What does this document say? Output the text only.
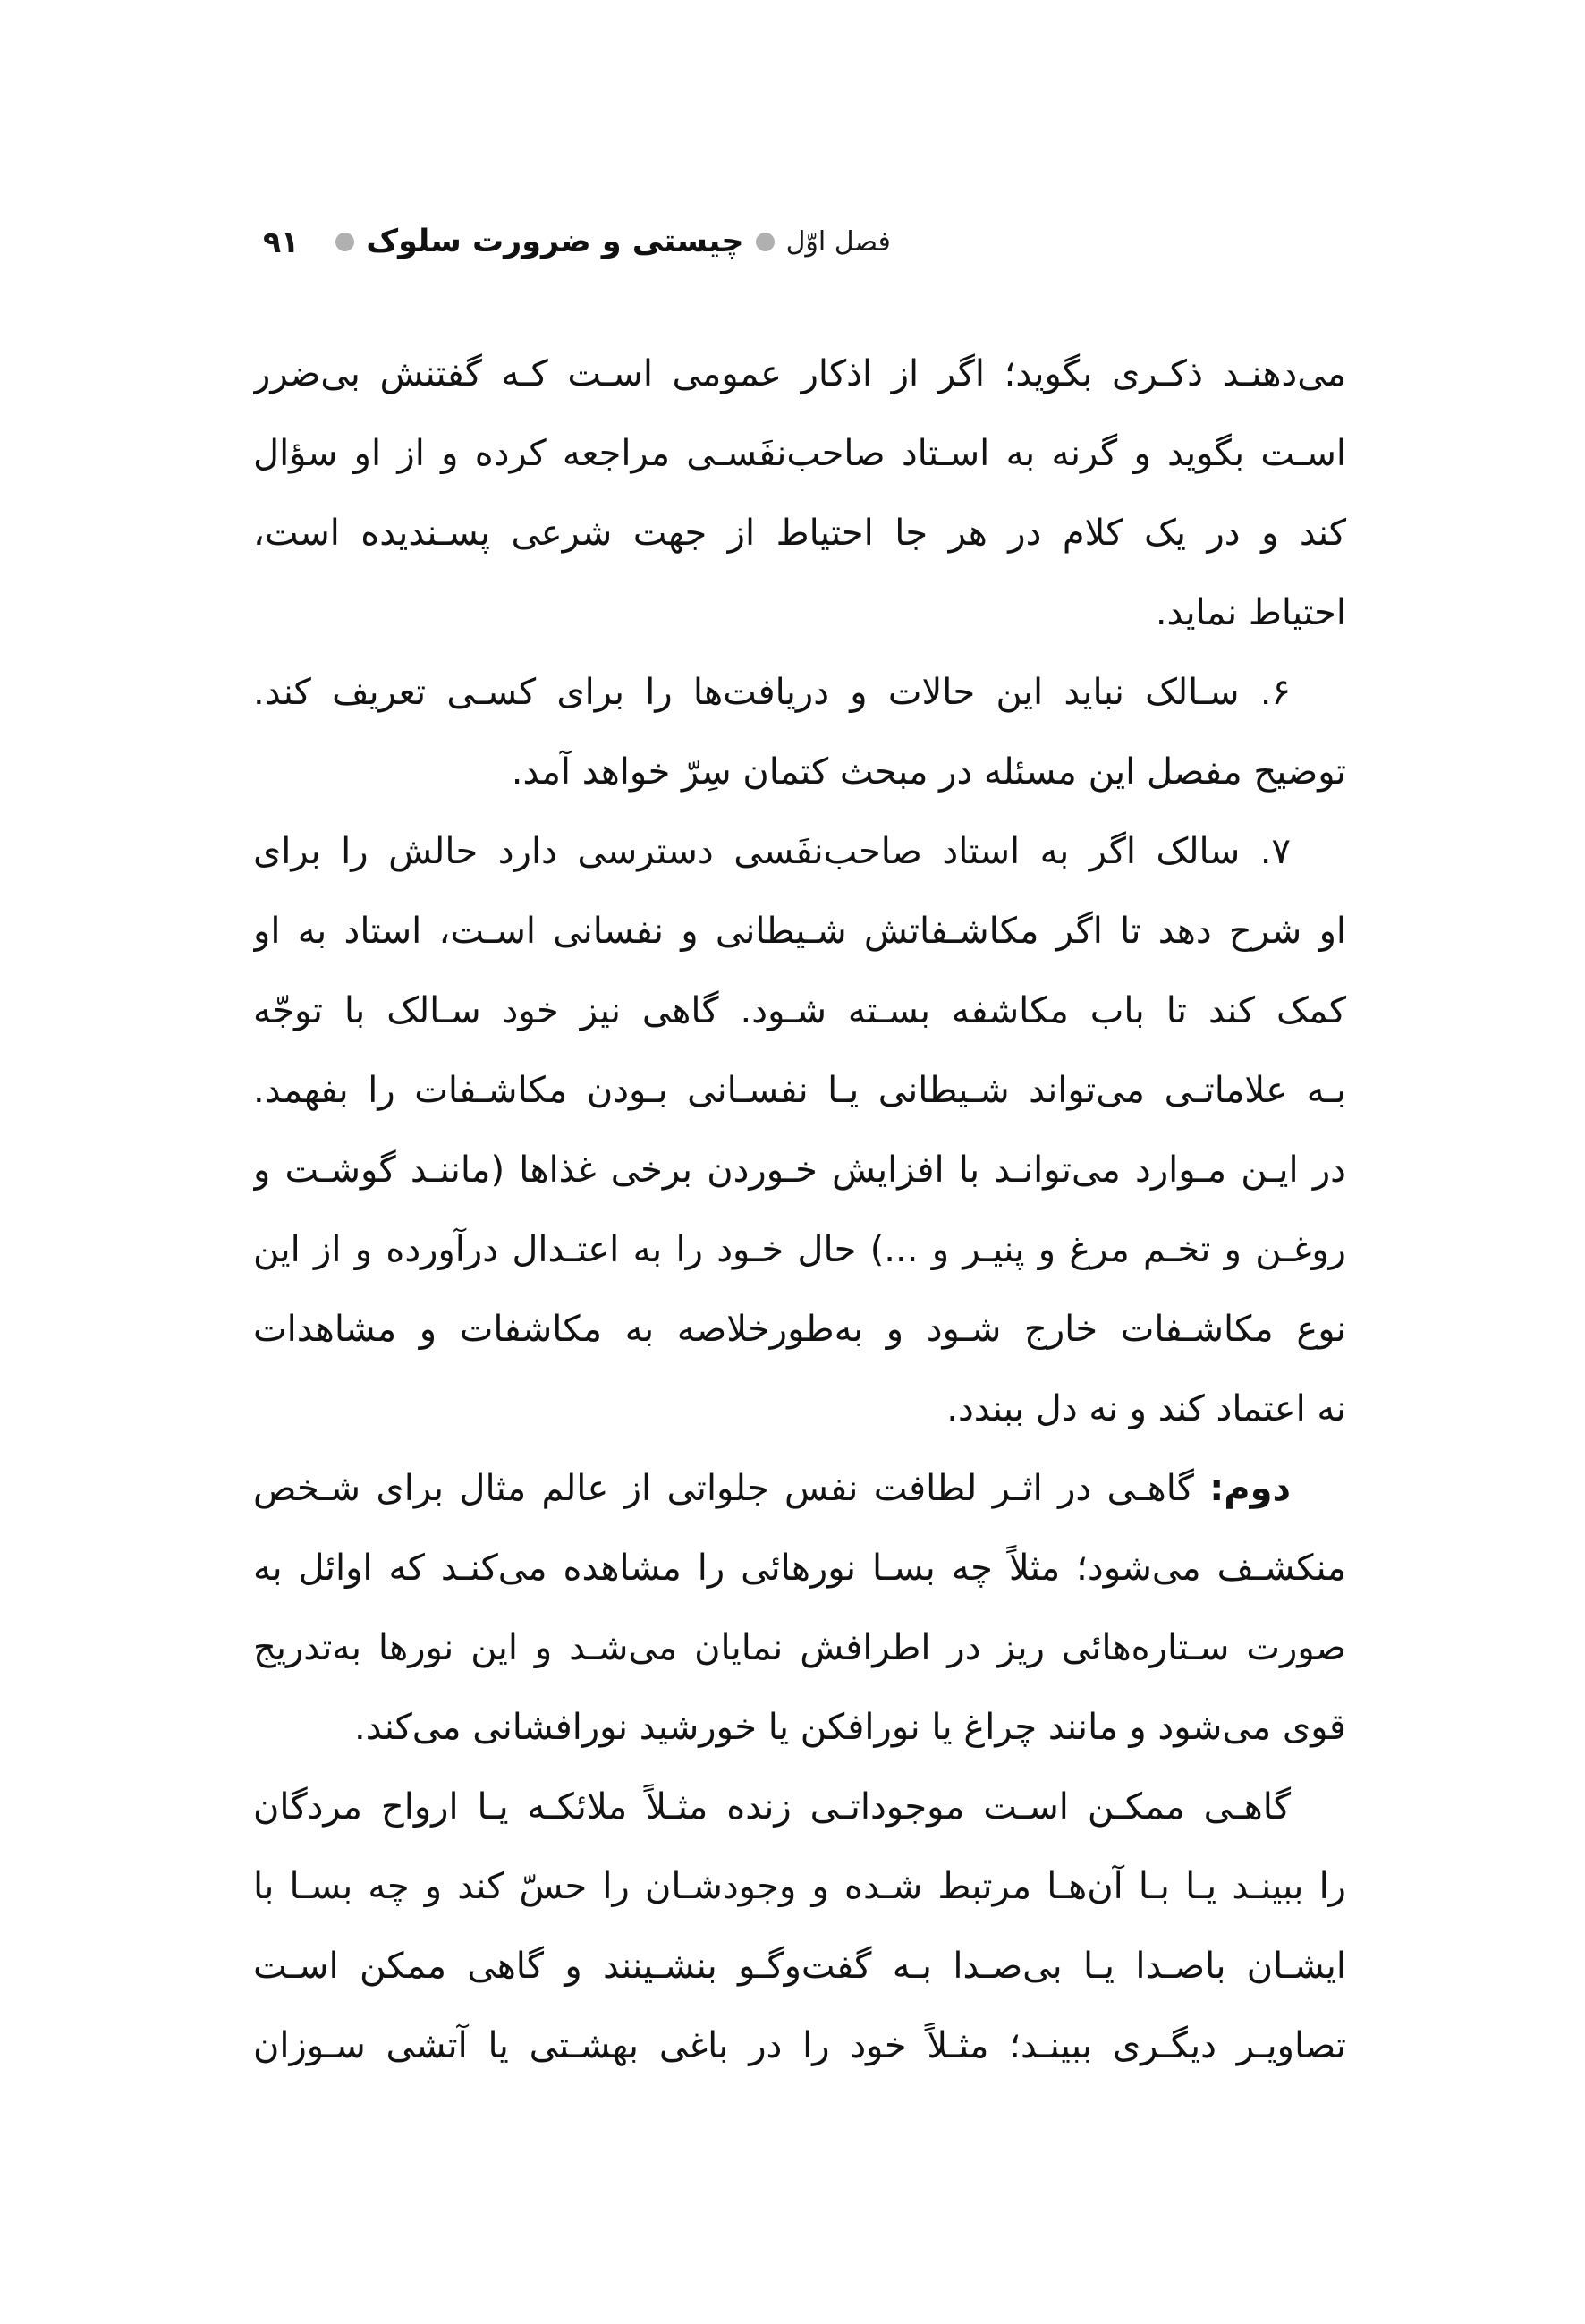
فصل اوّل
چیستی و ضرورت سلوک
۹۱
می‌دهنـد ذکـری بگوید؛ اگر از اذکار عمومی اسـت کـه گفتنش بی‌ضرر
اسـت بگوید و گرنه به اسـتاد صاحب‌نفَسـی مراجعه کرده و از او سؤال
کند و در یک کلام در هر جا احتیاط از جهت شرعی پسـندیده است،
احتیاط نماید.
۶. سـالک نباید این حالات و دریافت‌ها را برای کسـی تعریف کند.
توضیح مفصل این مسئله در مبحث کتمان سِرّ خواهد آمد.
۷. سالک اگر به استاد صاحب‌نفَسی دسترسی دارد حالش را برای
او شرح دهد تا اگر مکاشـفاتش شـیطانی و نفسانی اسـت، استاد به او
کمک کند تا باب مکاشفه بسـته شـود. گاهی نیز خود سـالک با توجّه
بـه علاماتـی می‌تواند شـیطانی یـا نفسـانی بـودن مکاشـفات را بفهمد.
در ایـن مـوارد می‌توانـد با افزایش خـوردن برخی غذاها (ماننـد گوشـت و
روغـن و تخـم مرغ و پنیـر و ...) حال خـود را به اعتـدال درآورده و از این
نوع مکاشـفات خارج شـود و به‌طورخلاصه به مکاشفات و مشاهدات
نه اعتماد کند و نه دل ببندد.
دوم: گاهـی در اثـر لطافت نفس جلواتی از عالم مثال برای شـخص
منکشـف می‌شود؛ مثلاً چه بسـا نورهائی را مشاهده می‌کنـد که اوائل به
صورت سـتاره‌هائی ریز در اطرافش نمایان می‌شـد و این نورها به‌تدریج
قوی می‌شود و مانند چراغ یا نورافکن یا خورشید نورافشانی می‌کند.
گاهـی ممکـن اسـت موجوداتـی زنده مثـلاً ملائکـه یـا ارواح مردگان
را ببینـد یـا بـا آن‌هـا مرتبط شـده و وجودشـان را حسّ کند و چه بسـا با
ایشـان باصـدا یـا بی‌صـدا بـه گفت‌وگـو بنشـینند و گاهی ممکن اسـت
تصاویـر دیگـری ببینـد؛ مثـلاً خود را در باغی بهشـتی یا آتشی سـوزان
